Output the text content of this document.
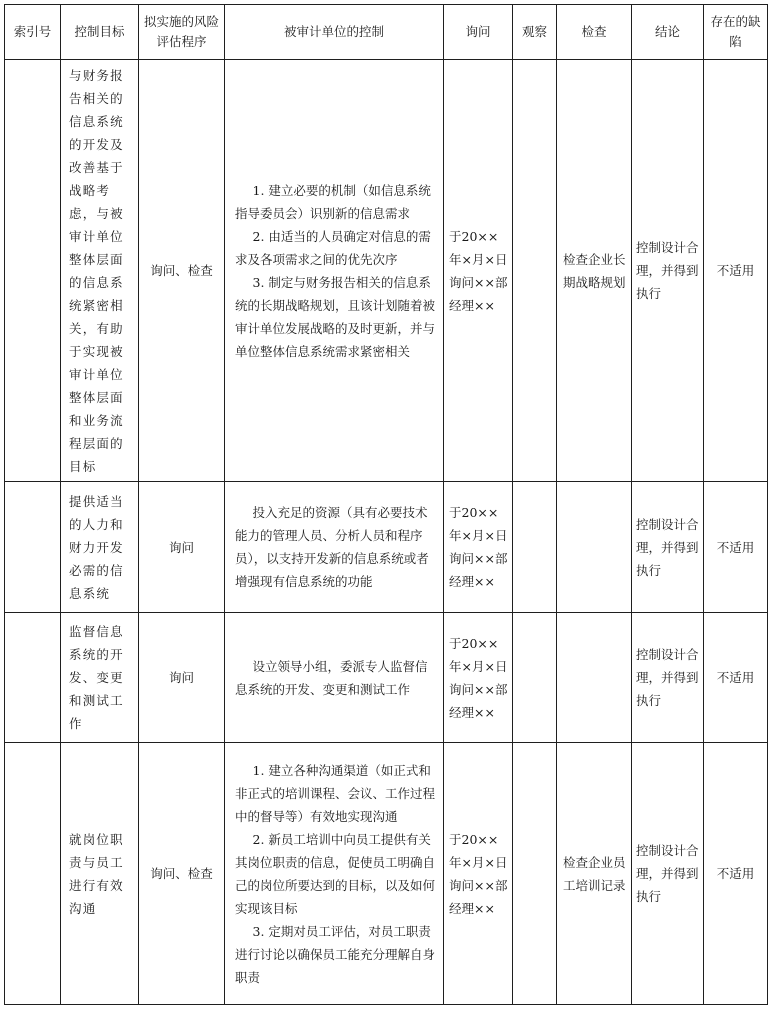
索引号	控制目标	拟实施的风险评估程序	被审计单位的控制	询问	观察	检查	结论	存在的缺陷
	与财务报告相关的信息系统的开发及改善基于战略考虑，与被审计单位整体层面的信息系统紧密相关，有助于实现被审计单位整体层面和业务流程层面的目标	询问、检查	1. 建立必要的机制（如信息系统指导委员会）识别新的信息需求
2. 由适当的人员确定对信息的需求及各项需求之间的优先次序
3. 制定与财务报告相关的信息系统的长期战略规划，且该计划随着被审计单位发展战略的及时更新，并与单位整体信息系统需求紧密相关	于20××年×月×日询问××部经理××		检查企业长期战略规划	控制设计合理，并得到执行	不适用
	提供适当的人力和财力开发必需的信息系统	询问	投入充足的资源（具有必要技术能力的管理人员、分析人员和程序员），以支持开发新的信息系统或者增强现有信息系统的功能	于20××年×月×日询问××部经理××			控制设计合理，并得到执行	不适用
	监督信息系统的开发、变更和测试工作	询问	设立领导小组，委派专人监督信息系统的开发、变更和测试工作	于20××年×月×日询问××部经理××			控制设计合理，并得到执行	不适用
	就岗位职责与员工进行有效沟通	询问、检查	1. 建立各种沟通渠道（如正式和非正式的培训课程、会议、工作过程中的督导等）有效地实现沟通
2. 新员工培训中向员工提供有关其岗位职责的信息，促使员工明确自己的岗位所要达到的目标，以及如何实现该目标
3. 定期对员工评估，对员工职责进行讨论以确保员工能充分理解自身职责	于20××年×月×日询问××部经理××		检查企业员工培训记录	控制设计合理，并得到执行	不适用
